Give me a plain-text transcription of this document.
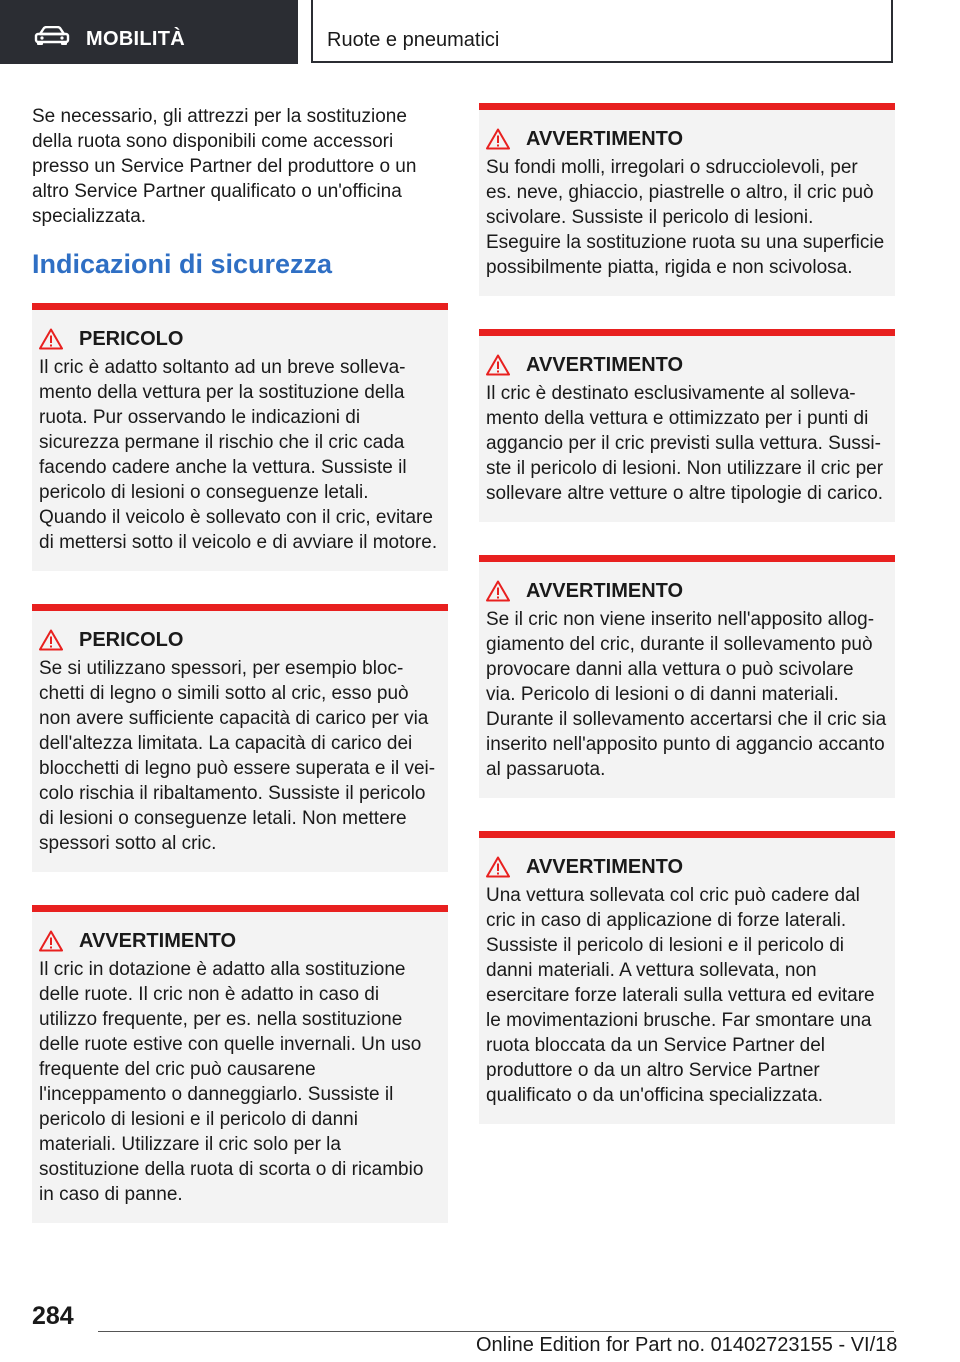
MOBILITÀ	Ruote e pneumatici

Se necessario, gli attrezzi per la sostituzione della ruota sono disponibili come accessori presso un Service Partner del produttore o un altro Service Partner qualificato o un'officina specializzata.

Indicazioni di sicurezza
PERICOLO

Il cric è adatto soltanto ad un breve sollevamento della vettura per la sostituzione della ruota. Pur osservando le indicazioni di sicurezza permane il rischio che il cric cada facendo cadere anche la vettura. Sussiste il pericolo di lesioni o conseguenze letali. Quando il veicolo è sollevato con il cric, evitare di mettersi sotto il veicolo e di avviare il motore.

PERICOLO

Se si utilizzano spessori, per esempio blocchetti di legno o simili sotto al cric, esso può non avere sufficiente capacità di carico per via dell'altezza limitata. La capacità di carico dei blocchetti di legno può essere superata e il veicolo rischia il ribaltamento. Sussiste il pericolo di lesioni o conseguenze letali. Non mettere spessori sotto al cric.

AVVERTIMENTO

Il cric in dotazione è adatto alla sostituzione delle ruote. Il cric non è adatto in caso di utilizzo frequente, per es. nella sostituzione delle ruote estive con quelle invernali. Un uso frequente del cric può causarene l'inceppamento o danneggiarlo. Sussiste il pericolo di lesioni e il pericolo di danni materiali. Utilizzare il cric solo per la sostituzione della ruota di scorta o di ricambio in caso di panne.

AVVERTIMENTO

Su fondi molli, irregolari o sdrucciolevoli, per es. neve, ghiaccio, piastrelle o altro, il cric può scivolare. Sussiste il pericolo di lesioni. Eseguire la sostituzione ruota su una superficie possibilmente piatta, rigida e non scivolosa.

AVVERTIMENTO

Il cric è destinato esclusivamente al sollevamento della vettura e ottimizzato per i punti di aggancio per il cric previsti sulla vettura. Sussiste il pericolo di lesioni. Non utilizzare il cric per sollevare altre vetture o altre tipologie di carico.

AVVERTIMENTO

Se il cric non viene inserito nell'apposito alloggiamento del cric, durante il sollevamento può provocare danni alla vettura o può scivolare via. Pericolo di lesioni o di danni materiali. Durante il sollevamento accertarsi che il cric sia inserito nell'apposito punto di aggancio accanto al passaruota.

AVVERTIMENTO

Una vettura sollevata col cric può cadere dal cric in caso di applicazione di forze laterali. Sussiste il pericolo di lesioni e il pericolo di danni materiali. A vettura sollevata, non esercitare forze laterali sulla vettura ed evitare le movimentazioni brusche. Far smontare una ruota bloccata da un Service Partner del produttore o da un altro Service Partner qualificato o da un'officina specializzata.

284
Online Edition for Part no. 01402723155 - VI/18
